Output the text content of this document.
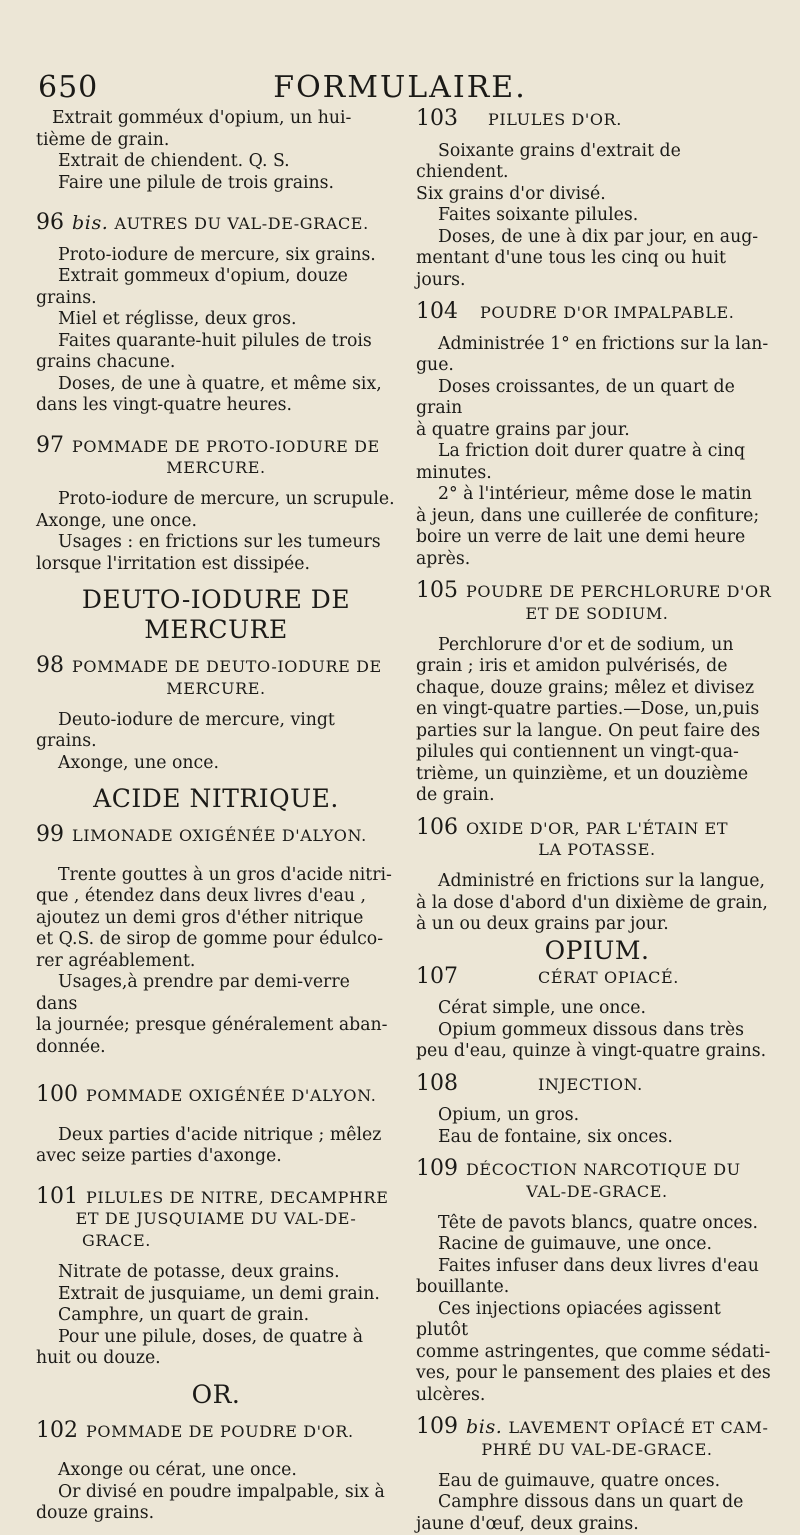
650	FORMULAIRE.

Extrait gomméux d'opium, un hui-

tième de grain.

Extrait de chiendent. Q. S.

Faire une pilule de trois grains.

96 bis. AUTRES DU VAL-DE-GRACE.

Proto-iodure de mercure, six grains.

Extrait gommeux d'opium, douze

grains.

Miel et réglisse, deux gros.

Faites quarante-huit pilules de trois

grains chacune.

Doses, de une à quatre, et même six,

dans les vingt-quatre heures.

97 POMMADE DE PROTO-IODURE DE

MERCURE.

Proto-iodure de mercure, un scrupule.

Axonge, une once.

Usages : en frictions sur les tumeurs

lorsque l'irritation est dissipée.

DEUTO-IODURE DE MERCURE

98 POMMADE DE DEUTO-IODURE DE

MERCURE.

Deuto-iodure de mercure, vingt grains.

Axonge, une once.

ACIDE NITRIQUE.

99 LIMONADE OXIGÉNÉE D'ALYON.

Trente gouttes à un gros d'acide nitri-

que , étendez dans deux livres d'eau ,

ajoutez un demi gros d'éther nitrique

et Q.S. de sirop de gomme pour édulco-

rer agréablement.

Usages,à prendre par demi-verre dans

la journée; presque généralement aban-

donnée.

100 POMMADE OXIGÉNÉE D'ALYON.

Deux parties d'acide nitrique ; mêlez

avec seize parties d'axonge.

101 PILULES DE NITRE, DECAMPHRE

ET DE JUSQUIAME DU VAL-DE-

GRACE.

Nitrate de potasse, deux grains.

Extrait de jusquiame, un demi grain.

Camphre, un quart de grain.

Pour une pilule, doses, de quatre à

huit ou douze.

OR.

102 POMMADE DE POUDRE D'OR.

Axonge ou cérat, une once.

Or divisé en poudre impalpable, six à

douze grains.

103 PILULES D'OR.

Soixante grains d'extrait de chiendent.

Six grains d'or divisé.

Faites soixante pilules.

Doses, de une à dix par jour, en aug-

mentant d'une tous les cinq ou huit

jours.

104 POUDRE D'OR IMPALPABLE.

Administrée 1° en frictions sur la lan-

gue.

Doses croissantes, de un quart de grain

à quatre grains par jour.

La friction doit durer quatre à cinq

minutes.

2° à l'intérieur, même dose le matin

à jeun, dans une cuillerée de confiture;

boire un verre de lait une demi heure

après.

105 POUDRE DE PERCHLORURE D'OR

ET DE SODIUM.

Perchlorure d'or et de sodium, un

grain ; iris et amidon pulvérisés, de

chaque, douze grains; mêlez et divisez

en vingt-quatre parties.—Dose, un,puis

parties sur la langue. On peut faire des

pilules qui contiennent un vingt-qua-

trième, un quinzième, et un douzième

de grain.

106 OXIDE D'OR, PAR L'ÉTAIN ET

LA POTASSE.

Administré en frictions sur la langue,

à la dose d'abord d'un dixième de grain,

à un ou deux grains par jour.

OPIUM.

107	CÉRAT OPIACÉ.

Cérat simple, une once.

Opium gommeux dissous dans très

peu d'eau, quinze à vingt-quatre grains.

108	INJECTION.

Opium, un gros.

Eau de fontaine, six onces.

109 DÉCOCTION NARCOTIQUE DU

VAL-DE-GRACE.

Tête de pavots blancs, quatre onces.

Racine de guimauve, une once.

Faites infuser dans deux livres d'eau

bouillante.

Ces injections opiacées agissent plutôt

comme astringentes, que comme sédati-

ves, pour le pansement des plaies et des

ulcères.

109 bis. LAVEMENT OPÎACÉ ET CAM-

PHRÉ DU VAL-DE-GRACE.

Eau de guimauve, quatre onces.

Camphre dissous dans un quart de

jaune d'œuf, deux grains.
